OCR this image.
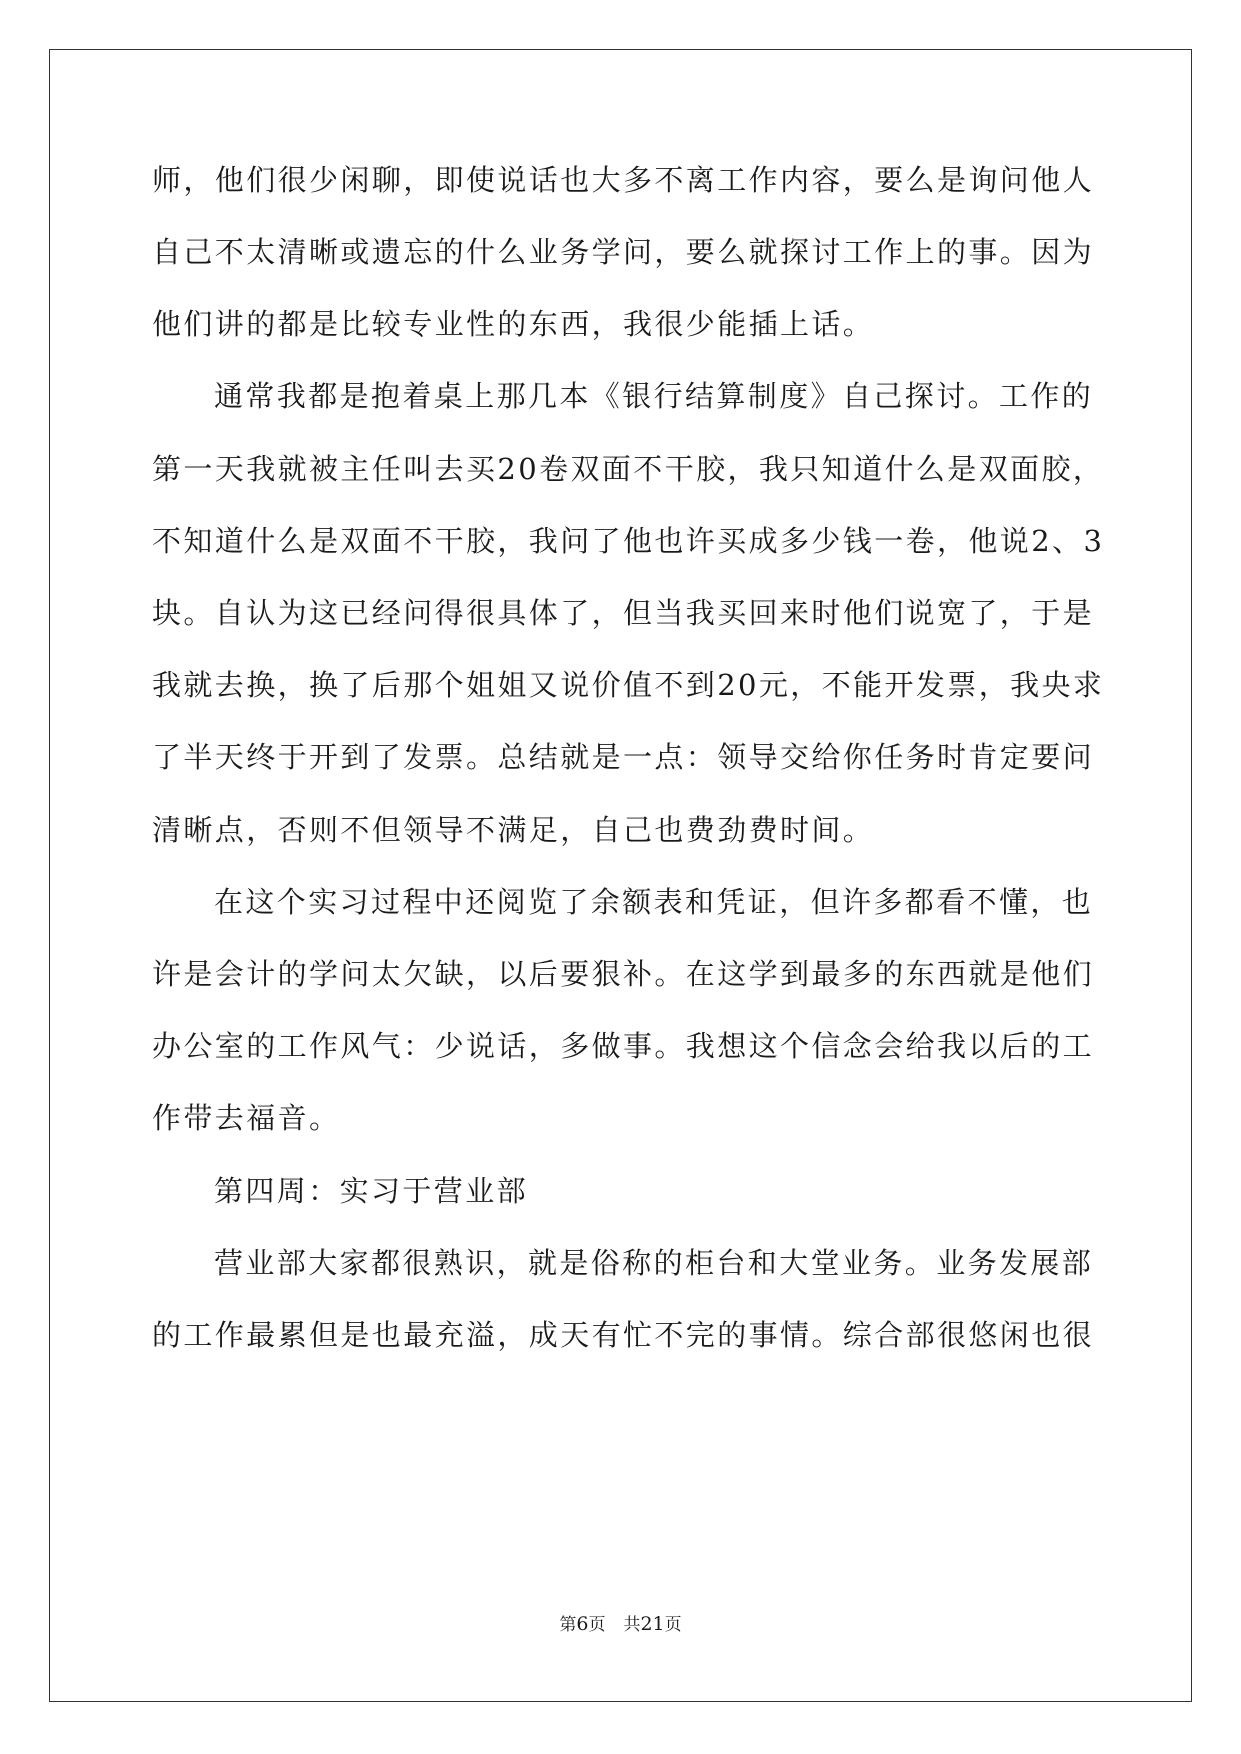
师，他们很少闲聊，即使说话也大多不离工作内容，要么是询问他人
自己不太清晰或遗忘的什么业务学问，要么就探讨工作上的事。因为
他们讲的都是比较专业性的东西，我很少能插上话。
通常我都是抱着桌上那几本《银行结算制度》自己探讨。工作的
第一天我就被主任叫去买20卷双面不干胶，我只知道什么是双面胶，
不知道什么是双面不干胶，我问了他也许买成多少钱一卷，他说2、3
块。自认为这已经问得很具体了，但当我买回来时他们说宽了，于是
我就去换，换了后那个姐姐又说价值不到20元，不能开发票，我央求
了半天终于开到了发票。总结就是一点：领导交给你任务时肯定要问
清晰点，否则不但领导不满足，自己也费劲费时间。
在这个实习过程中还阅览了余额表和凭证，但许多都看不懂，也
许是会计的学问太欠缺，以后要狠补。在这学到最多的东西就是他们
办公室的工作风气：少说话，多做事。我想这个信念会给我以后的工
作带去福音。
第四周：实习于营业部
营业部大家都很熟识，就是俗称的柜台和大堂业务。业务发展部
的工作最累但是也最充溢，成天有忙不完的事情。综合部很悠闲也很
第6页 共21页
